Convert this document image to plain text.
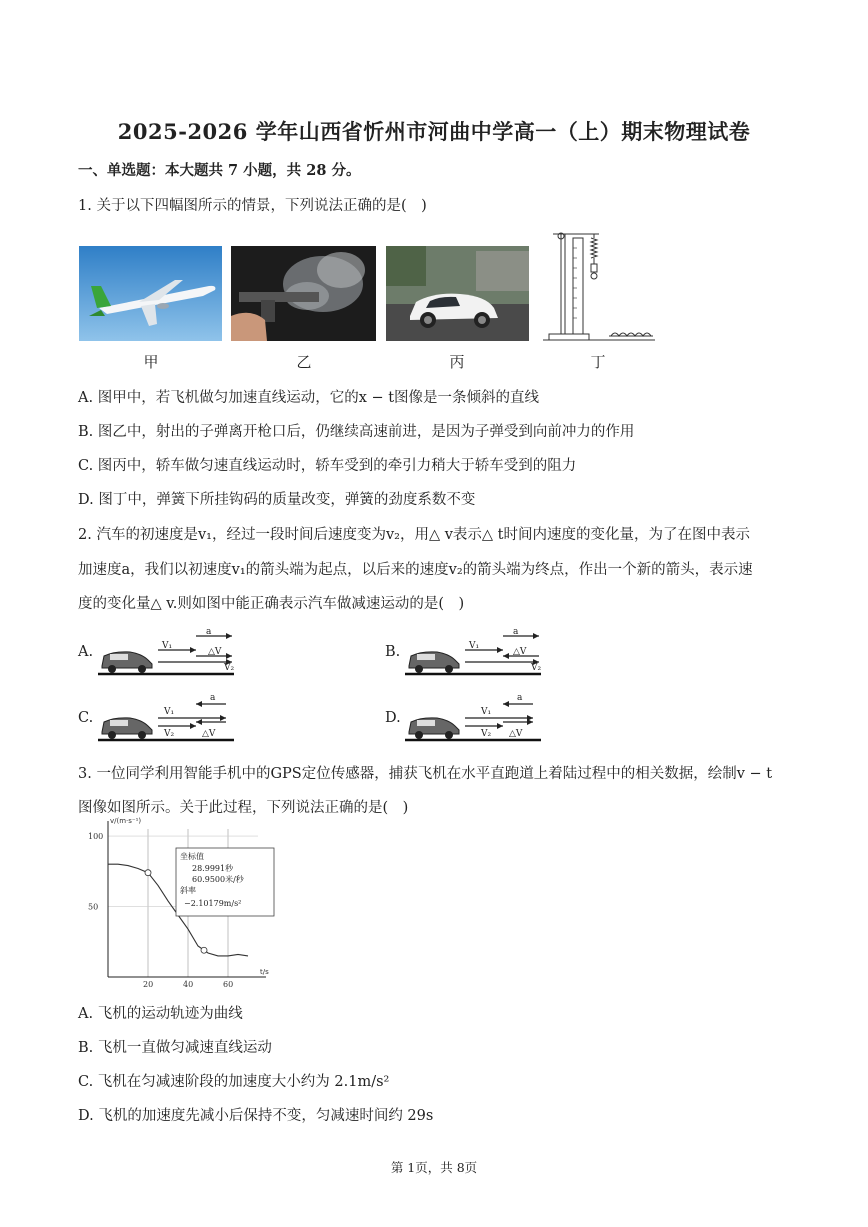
2025-2026 学年山西省忻州市河曲中学高一（上）期末物理试卷
一、单选题：本大题共 7 小题，共 28 分。
1. 关于以下四幅图所示的情景，下列说法正确的是(　)
甲	乙	丙	丁
A. 图甲中，若飞机做匀加速直线运动，它的x − t图像是一条倾斜的直线
B. 图乙中，射出的子弹离开枪口后，仍继续高速前进，是因为子弹受到向前冲力的作用
C. 图丙中，轿车做匀速直线运动时，轿车受到的牵引力稍大于轿车受到的阻力
D. 图丁中，弹簧下所挂钩码的质量改变，弹簧的劲度系数不变
2. 汽车的初速度是v₁，经过一段时间后速度变为v₂，用△ v表示△ t时间内速度的变化量，为了在图中表示
加速度a，我们以初速度v₁的箭头端为起点，以后来的速度v₂的箭头端为终点，作出一个新的箭头，表示速
度的变化量△ v.则如图中能正确表示汽车做减速运动的是(　)
A.	B.
C.	D.
V₁
V₂
△V
a
V₁
V₂
△V
a
V₁
V₂	△V
a
V₁
V₂ △V
a
3. 一位同学利用智能手机中的GPS定位传感器，捕获飞机在水平直跑道上着陆过程中的相关数据，绘制v − t
图像如图所示。关于此过程，下列说法正确的是(　)
v/(m·s⁻¹)
t/s
20	40	60
50
100
坐标值
28.9991秒
60.9500米/秒
斜率
−2.10179m/s²
A. 飞机的运动轨迹为曲线
B. 飞机一直做匀减速直线运动
C. 飞机在匀减速阶段的加速度大小约为 2.1m/s²
D. 飞机的加速度先减小后保持不变，匀减速时间约 29s
第 1页，共 8页
